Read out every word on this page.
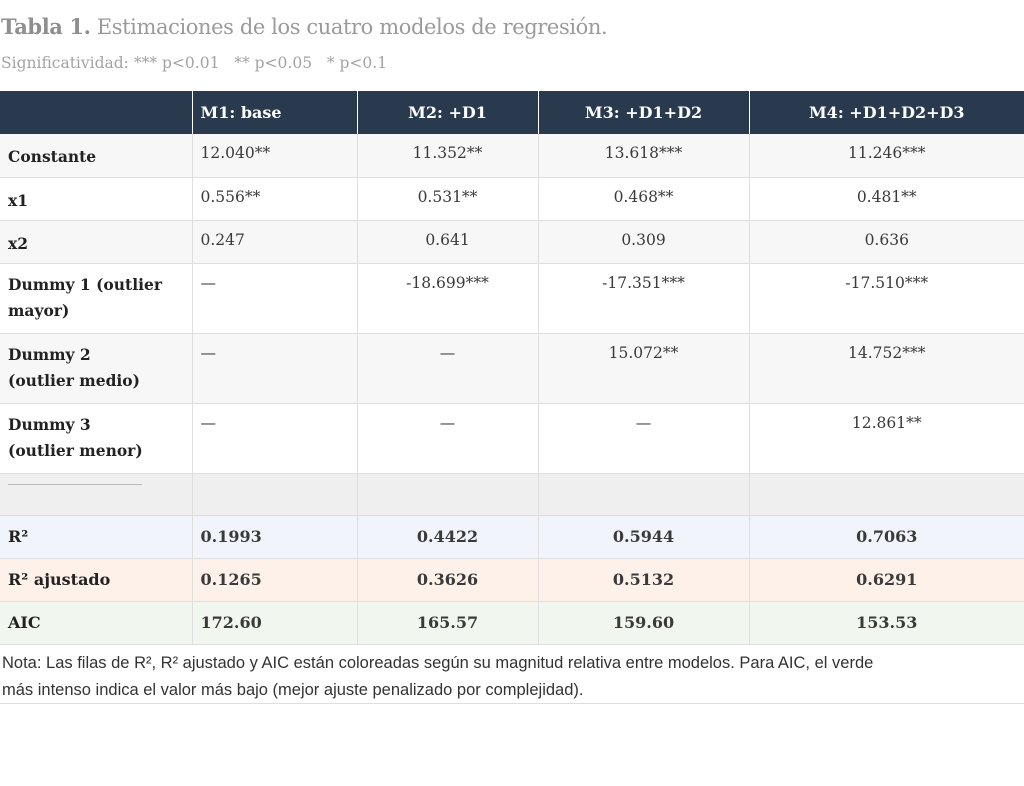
Tabla 1. Estimaciones de los cuatro modelos de regresión.
Significatividad: *** p<0.01   ** p<0.05   * p<0.1
	M1: base	M2: +D1	M3: +D1+D2	M4: +D1+D2+D3
Constante	12.040**	11.352**	13.618***	11.246***
x1	0.556**	0.531**	0.468**	0.481**
x2	0.247	0.641	0.309	0.636
Dummy 1 (outlier
mayor)	—	-18.699***	-17.351***	-17.510***
Dummy 2
(outlier medio)	—	—	15.072**	14.752***
Dummy 3
(outlier menor)	—	—	—	12.861**

R²	0.1993	0.4422	0.5944	0.7063
R² ajustado	0.1265	0.3626	0.5132	0.6291
AIC	172.60	165.57	159.60	153.53
Nota: Las filas de R², R² ajustado y AIC están coloreadas según su magnitud relativa entre modelos. Para AIC, el verde
más intenso indica el valor más bajo (mejor ajuste penalizado por complejidad).
